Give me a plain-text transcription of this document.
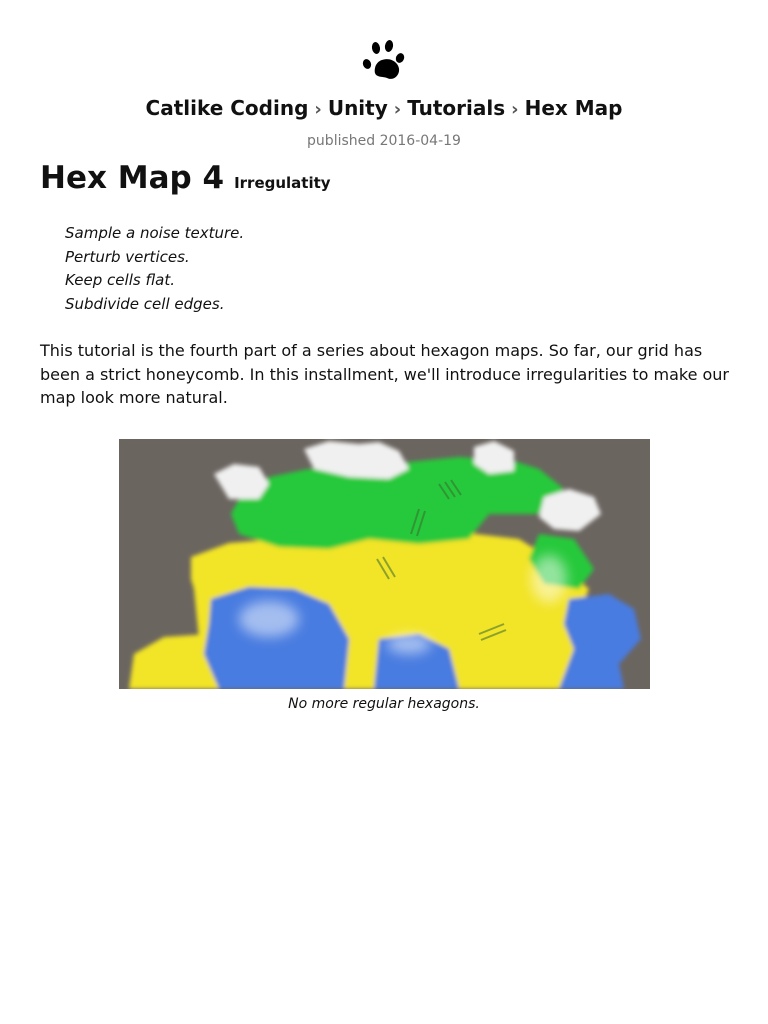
Catlike Coding › Unity › Tutorials › Hex Map
published 2016-04-19
Hex Map 4 Irregulatity
Sample a noise texture.
Perturb vertices.
Keep cells flat.
Subdivide cell edges.

This tutorial is the fourth part of a series about hexagon maps. So far, our grid has been a strict honeycomb. In this installment, we'll introduce irregularities to make our map look more natural.

No more regular hexagons.
